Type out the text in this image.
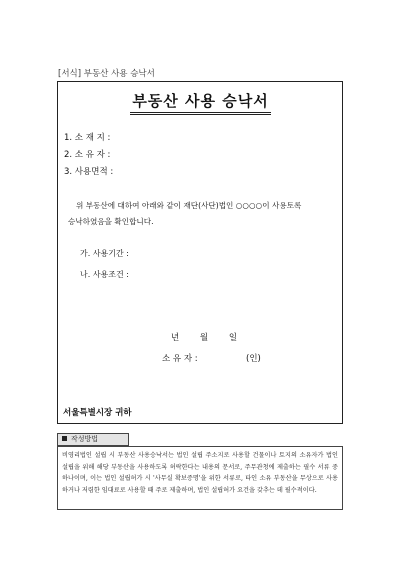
[서식] 부동산 사용 승낙서
부동산 사용 승낙서
1. 소 재 지 :
2. 소 유 자 :
3. 사용면적 :
위 부동산에 대하여 아래와 같이 재단(사단)법인 ○○○○이 사용토록
승낙하였음을 확인합니다.
가. 사용기간 :
나. 사용조건 :
년 월 일
소 유 자 :	(인)
서울특별시장 귀하
작성방법

비영리법인 설립 시 부동산 사용승낙서는 법인 설립 주소지로 사용할 건물이나 토지의 소유자가 법인 설립을 위해 해당 부동산을 사용하도록 허락한다는 내용의 문서로, 주무관청에 제출하는 필수 서류 중 하나이며, 이는 법인 설립허가 시 '사무실 확보증명'을 위한 서류로, 타인 소유 부동산을 무상으로 사용하거나 저렴한 임대료로 사용할 때 주로 제출하며, 법인 설립허가 요건을 갖추는 데 필수적이다.
